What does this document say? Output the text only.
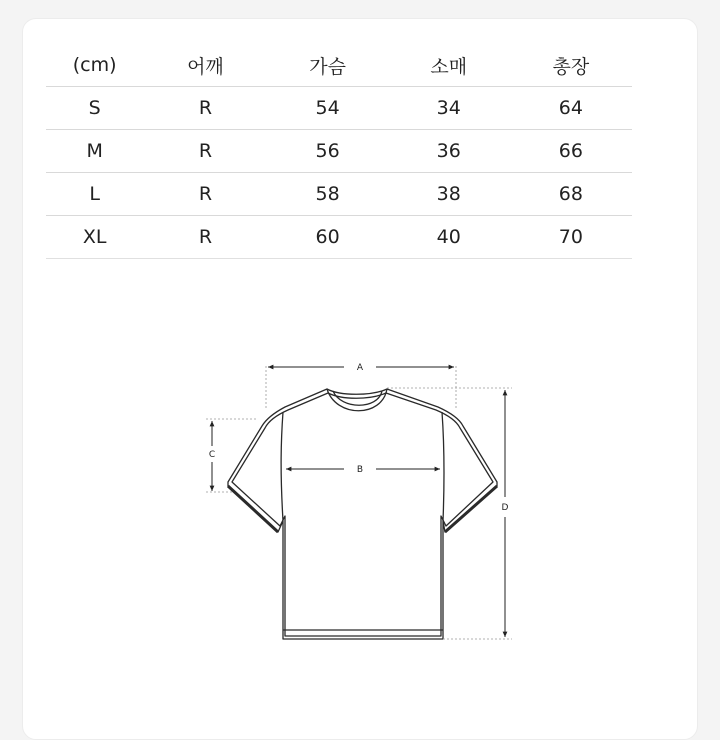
(cm)	어깨	가슴	소매	총장
S	R	54	34	64
M	R	56	36	66
L	R	58	38	68
XL	R	60	40	70
A
B
C
D
